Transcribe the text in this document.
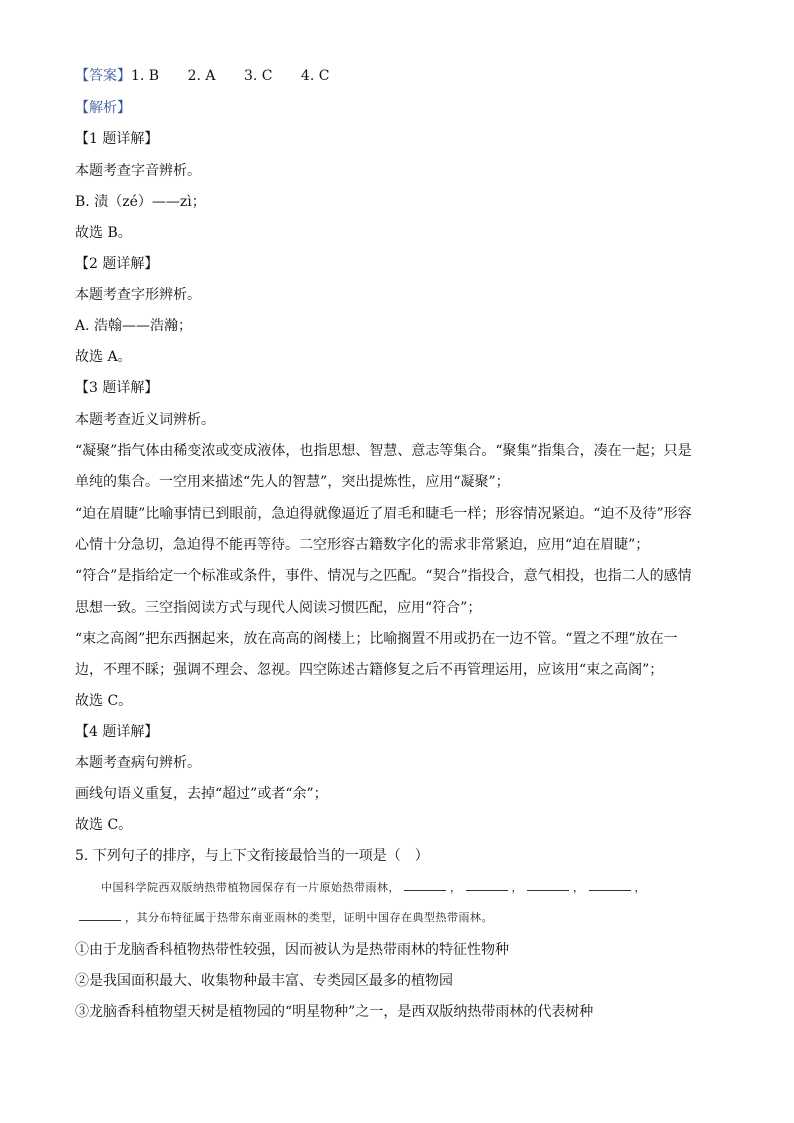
【答案】1. B 2. A 3. C 4. C
【解析】
【1 题详解】
本题考查字音辨析。
B. 渍（zé）——zì；
故选 B。
【2 题详解】
本题考查字形辨析。
A. 浩翰——浩瀚；
故选 A。
【3 题详解】
本题考查近义词辨析。
“凝聚”指气体由稀变浓或变成液体，也指思想、智慧、意志等集合。“聚集”指集合，凑在一起；只是
单纯的集合。一空用来描述“先人的智慧”，突出提炼性，应用“凝聚”；
“迫在眉睫”比喻事情已到眼前，急迫得就像逼近了眉毛和睫毛一样；形容情况紧迫。“迫不及待”形容
心情十分急切，急迫得不能再等待。二空形容古籍数字化的需求非常紧迫，应用“迫在眉睫”；
“符合”是指给定一个标准或条件，事件、情况与之匹配。“契合”指投合，意气相投，也指二人的感情
思想一致。三空指阅读方式与现代人阅读习惯匹配，应用“符合”；
“束之高阁”把东西捆起来，放在高高的阁楼上；比喻搁置不用或扔在一边不管。“置之不理”放在一
边，不理不睬；强调不理会、忽视。四空陈述古籍修复之后不再管理运用，应该用“束之高阁”；
故选 C。
【4 题详解】
本题考查病句辨析。
画线句语义重复，去掉“超过”或者“余”；
故选 C。
5. 下列句子的排序，与上下文衔接最恰当的一项是（　）
中国科学院西双版纳热带植物园保存有一片原始热带雨林，	，	，	，	，
，其分布特征属于热带东南亚雨林的类型，证明中国存在典型热带雨林。
①由于龙脑香科植物热带性较强，因而被认为是热带雨林的特征性物种
②是我国面积最大、收集物种最丰富、专类园区最多的植物园
③龙脑香科植物望天树是植物园的“明星物种”之一，是西双版纳热带雨林的代表树种
